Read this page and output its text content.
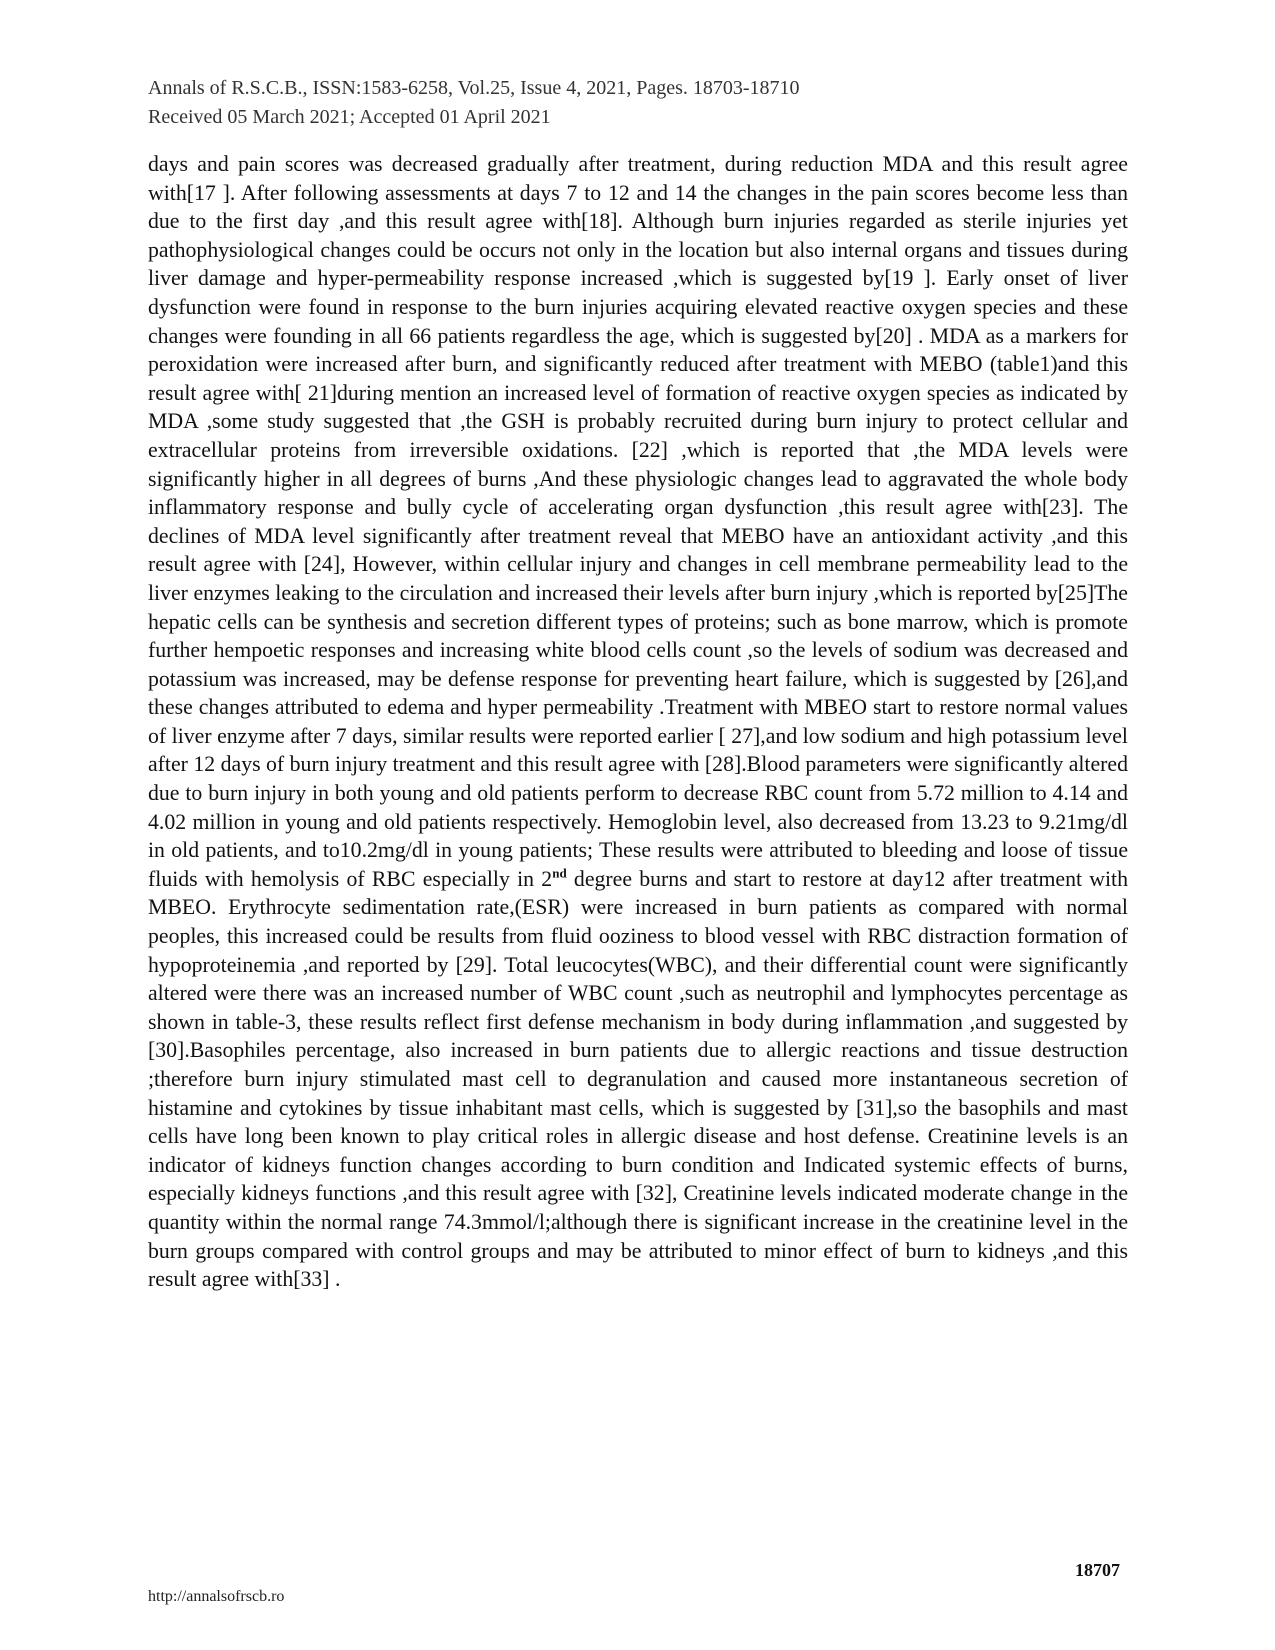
Annals of R.S.C.B., ISSN:1583-6258, Vol.25, Issue 4, 2021, Pages. 18703-18710
Received 05 March 2021; Accepted 01 April 2021
days and pain scores was decreased gradually after treatment, during reduction MDA and this result agree with[17 ]. After following assessments at days 7 to 12 and 14 the changes in the pain scores become less than due to the first day ,and this result agree with[18]. Although burn injuries regarded as sterile injuries yet pathophysiological changes could be occurs not only in the location but also internal organs and tissues during liver damage and hyper-permeability response increased ,which is suggested by[19 ]. Early onset of liver dysfunction were found in response to the burn injuries acquiring elevated reactive oxygen species and these changes were founding in all 66 patients regardless the age, which is suggested by[20] . MDA as a markers for peroxidation were increased after burn, and significantly reduced after treatment with MEBO (table1)and this result agree with[ 21]during mention an increased level of formation of reactive oxygen species as indicated by MDA ,some study suggested that ,the GSH is probably recruited during burn injury to protect cellular and extracellular proteins from irreversible oxidations. [22] ,which is reported that ,the MDA levels were significantly higher in all degrees of burns ,And these physiologic changes lead to aggravated the whole body inflammatory response and bully cycle of accelerating organ dysfunction ,this result agree with[23]. The declines of MDA level significantly after treatment reveal that MEBO have an antioxidant activity ,and this result agree with [24], However, within cellular injury and changes in cell membrane permeability lead to the liver enzymes leaking to the circulation and increased their levels after burn injury ,which is reported by[25]The hepatic cells can be synthesis and secretion different types of proteins; such as bone marrow, which is promote further hempoetic responses and increasing white blood cells count ,so the levels of sodium was decreased and potassium was increased, may be defense response for preventing heart failure, which is suggested by [26],and these changes attributed to edema and hyper permeability .Treatment with MBEO start to restore normal values of liver enzyme after 7 days, similar results were reported earlier [ 27],and low sodium and high potassium level after 12 days of burn injury treatment and this result agree with [28].Blood parameters were significantly altered due to burn injury in both young and old patients perform to decrease RBC count from 5.72 million to 4.14 and 4.02 million in young and old patients respectively. Hemoglobin level, also decreased from 13.23 to 9.21mg/dl in old patients, and to10.2mg/dl in young patients; These results were attributed to bleeding and loose of tissue fluids with hemolysis of RBC especially in 2nd degree burns and start to restore at day12 after treatment with MBEO. Erythrocyte sedimentation rate,(ESR) were increased in burn patients as compared with normal peoples, this increased could be results from fluid ooziness to blood vessel with RBC distraction formation of hypoproteinemia ,and reported by [29]. Total leucocytes(WBC), and their differential count were significantly altered were there was an increased number of WBC count ,such as neutrophil and lymphocytes percentage as shown in table-3, these results reflect first defense mechanism in body during inflammation ,and suggested by [30].Basophiles percentage, also increased in burn patients due to allergic reactions and tissue destruction ;therefore burn injury stimulated mast cell to degranulation and caused more instantaneous secretion of histamine and cytokines by tissue inhabitant mast cells, which is suggested by [31],so the basophils and mast cells have long been known to play critical roles in allergic disease and host defense. Creatinine levels is an indicator of kidneys function changes according to burn condition and Indicated systemic effects of burns, especially kidneys functions ,and this result agree with [32], Creatinine levels indicated moderate change in the quantity within the normal range 74.3mmol/l;although there is significant increase in the creatinine level in the burn groups compared with control groups and may be attributed to minor effect of burn to kidneys ,and this result agree with[33] .
http://annalsofrscb.ro
18707
